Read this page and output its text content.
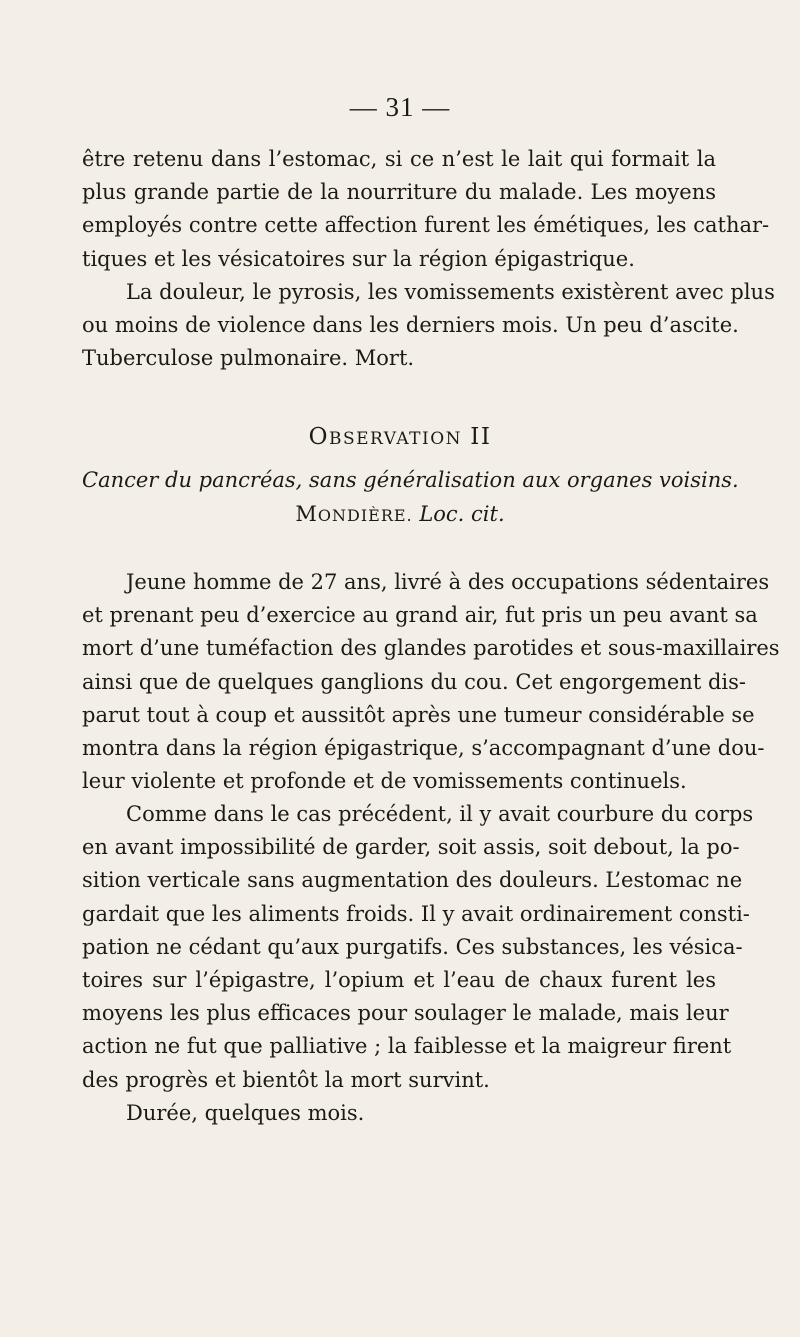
— 31 —
être retenu dans l’estomac, si ce n’est le lait qui formait la
plus grande partie de la nourriture du malade. Les moyens
employés contre cette affection furent les émétiques, les cathar-
tiques et les vésicatoires sur la région épigastrique.
La douleur, le pyrosis, les vomissements existèrent avec plus
ou moins de violence dans les derniers mois. Un peu d’ascite.
Tuberculose pulmonaire. Mort.
OBSERVATION II
Cancer du pancréas, sans généralisation aux organes voisins.
MONDIÈRE. Loc. cit.
Jeune homme de 27 ans, livré à des occupations sédentaires
et prenant peu d’exercice au grand air, fut pris un peu avant sa
mort d’une tuméfaction des glandes parotides et sous-maxillaires
ainsi que de quelques ganglions du cou. Cet engorgement dis-
parut tout à coup et aussitôt après une tumeur considérable se
montra dans la région épigastrique, s’accompagnant d’une dou-
leur violente et profonde et de vomissements continuels.
Comme dans le cas précédent, il y avait courbure du corps
en avant impossibilité de garder, soit assis, soit debout, la po-
sition verticale sans augmentation des douleurs. L’estomac ne
gardait que les aliments froids. Il y avait ordinairement consti-
pation ne cédant qu’aux purgatifs. Ces substances, les vésica-
toires sur l’épigastre, l’opium et l’eau de chaux furent les
moyens les plus efficaces pour soulager le malade, mais leur
action ne fut que palliative ; la faiblesse et la maigreur firent
des progrès et bientôt la mort survint.
Durée, quelques mois.
